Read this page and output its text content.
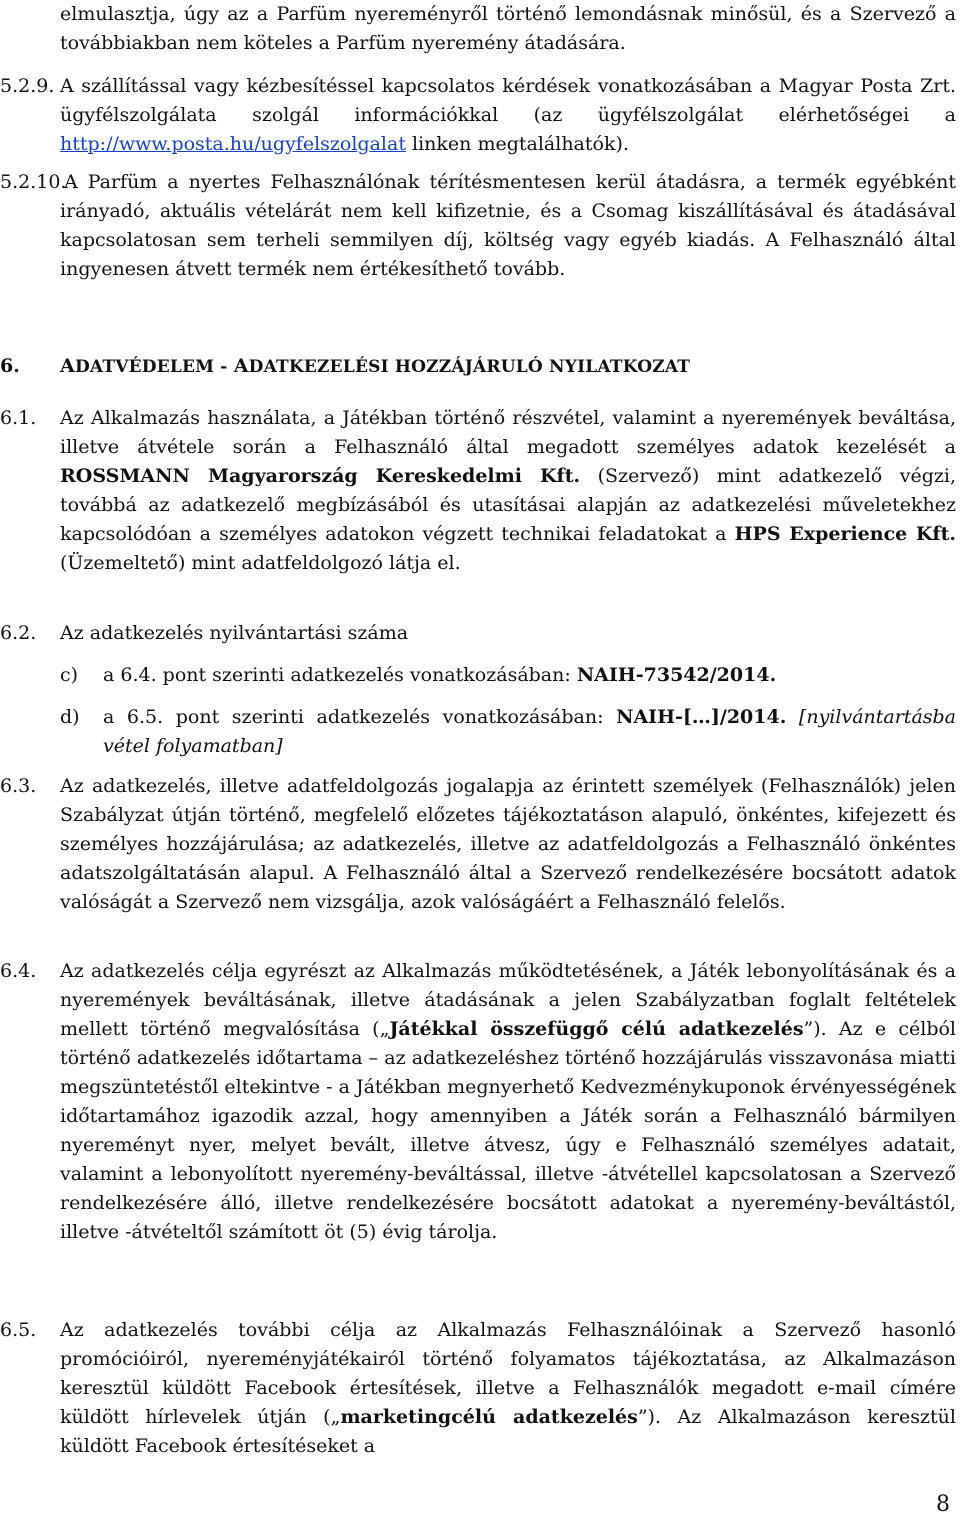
elmulasztja, úgy az a Parfüm nyereményről történő lemondásnak minősül, és a Szervező a továbbiakban nem köteles a Parfüm nyeremény átadására.

5.2.9. A szállítással vagy kézbesítéssel kapcsolatos kérdések vonatkozásában a Magyar Posta Zrt. ügyfélszolgálata szolgál információkkal (az ügyfélszolgálat elérhetőségei a http://www.posta.hu/ugyfelszolgalat linken megtalálhatók).

5.2.10.

A Parfüm a nyertes Felhasználónak térítésmentesen kerül átadásra, a termék egyébként irányadó, aktuális vételárát nem kell kifizetnie, és a Csomag kiszállításával és átadásával kapcsolatosan sem terheli semmilyen díj, költség vagy egyéb kiadás. A Felhasználó által ingyenesen átvett termék nem értékesíthető tovább.

6. ADATVÉDELEM - ADATKEZELÉSI HOZZÁJÁRULÓ NYILATKOZAT

6.1. Az Alkalmazás használata, a Játékban történő részvétel, valamint a nyeremények beváltása, illetve átvétele során a Felhasználó által megadott személyes adatok kezelését a ROSSMANN Magyarország Kereskedelmi Kft. (Szervező) mint adatkezelő végzi, továbbá az adatkezelő megbízásából és utasításai alapján az adatkezelési műveletekhez kapcsolódóan a személyes adatokon végzett technikai feladatokat a HPS Experience Kft. (Üzemeltető) mint adatfeldolgozó látja el.

6.2. Az adatkezelés nyilvántartási száma

c) a 6.4. pont szerinti adatkezelés vonatkozásában: NAIH-73542/2014.

d) a 6.5. pont szerinti adatkezelés vonatkozásában: NAIH-[…]/2014. [nyilvántartásba vétel folyamatban]

6.3. Az adatkezelés, illetve adatfeldolgozás jogalapja az érintett személyek (Felhasználók) jelen Szabályzat útján történő, megfelelő előzetes tájékoztatáson alapuló, önkéntes, kifejezett és személyes hozzájárulása; az adatkezelés, illetve az adatfeldolgozás a Felhasználó önkéntes adatszolgáltatásán alapul. A Felhasználó által a Szervező rendelkezésére bocsátott adatok valóságát a Szervező nem vizsgálja, azok valóságáért a Felhasználó felelős.

6.4. Az adatkezelés célja egyrészt az Alkalmazás működtetésének, a Játék lebonyolításának és a nyeremények beváltásának, illetve átadásának a jelen Szabályzatban foglalt feltételek mellett történő megvalósítása („Játékkal összefüggő célú adatkezelés”). Az e célból történő adatkezelés időtartama – az adatkezeléshez történő hozzájárulás visszavonása miatti megszüntetéstől eltekintve - a Játékban megnyerhető Kedvezménykuponok érvényességének időtartamához igazodik azzal, hogy amennyiben a Játék során a Felhasználó bármilyen nyereményt nyer, melyet bevált, illetve átvesz, úgy e Felhasználó személyes adatait, valamint a lebonyolított nyeremény-beváltással, illetve -átvétellel kapcsolatosan a Szervező rendelkezésére álló, illetve rendelkezésére bocsátott adatokat a nyeremény-beváltástól, illetve -átvételtől számított öt (5) évig tárolja.

6.5. Az adatkezelés további célja az Alkalmazás Felhasználóinak a Szervező hasonló promócióiról, nyereményjátékairól történő folyamatos tájékoztatása, az Alkalmazáson keresztül küldött Facebook értesítések, illetve a Felhasználók megadott e-mail címére küldött hírlevelek útján („marketingcélú adatkezelés”). Az Alkalmazáson keresztül küldött Facebook értesítéseket a

8
